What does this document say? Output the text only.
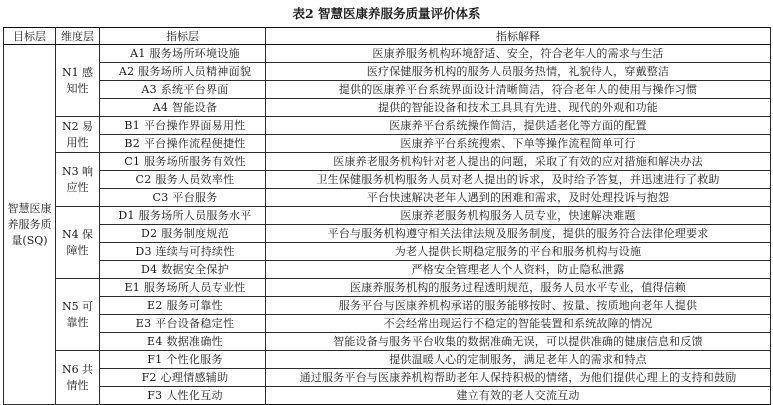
表2 智慧医康养服务质量评价体系
目标层	维度层	指标层	指标解释
智慧医康养服务质量(SQ)	N1 感知性	A1 服务场所环境设施	医康养服务机构环境舒适、安全，符合老年人的需求与生活
		A2 服务场所人员精神面貌	医疗保健服务机构的服务人员服务热情，礼貌待人，穿戴整洁
		A3 系统平台界面	提供的医康养平台系统界面设计清晰简洁，符合老年人的使用与操作习惯
		A4 智能设备	提供的智能设备和技术工具具有先进、现代的外观和功能
	N2 易用性	B1 平台操作界面易用性	医康养平台系统操作简洁，提供适老化等方面的配置
		B2 平台操作流程便捷性	医康养平台系统搜索、下单等操作流程简单可行
	N3 响应性	C1 服务场所服务有效性	医康养老服务机构针对老人提出的问题，采取了有效的应对措施和解决办法
		C2 服务人员效率性	卫生保健服务机构服务人员对老人提出的诉求，及时给予答复，并迅速进行了救助
		C3 平台服务	平台快速解决老年人遇到的困难和需求，及时处理投诉与抱怨
	N4 保障性	D1 服务场所人员服务水平	医康养老服务机构服务人员专业，快速解决难题
		D2 服务制度规范	平台与服务机构遵守相关法律法规及服务制度，提供的服务符合法律伦理要求
		D3 连续与可持续性	为老人提供长期稳定服务的平台和服务机构与设施
		D4 数据安全保护	严格安全管理老人个人资料，防止隐私泄露
	N5 可靠性	E1 服务场所人员专业性	医康养服务机构的服务过程透明规范，服务人员水平专业，值得信赖
		E2 服务可靠性	服务平台与医康养机构承诺的服务能够按时、按量、按质地向老年人提供
		E3 平台设备稳定性	不会经常出现运行不稳定的智能装置和系统故障的情况
		E4 数据准确性	智能设备与服务平台收集的数据准确无误，可以提供准确的健康信息和反馈
	N6 共情性	F1 个性化服务	提供温暖人心的定制服务，满足老年人的需求和特点
		F2 心理情感辅助	通过服务平台与医康养机构帮助老年人保持积极的情绪，为他们提供心理上的支持和鼓励
		F3 人性化互动	建立有效的老人交流互动
